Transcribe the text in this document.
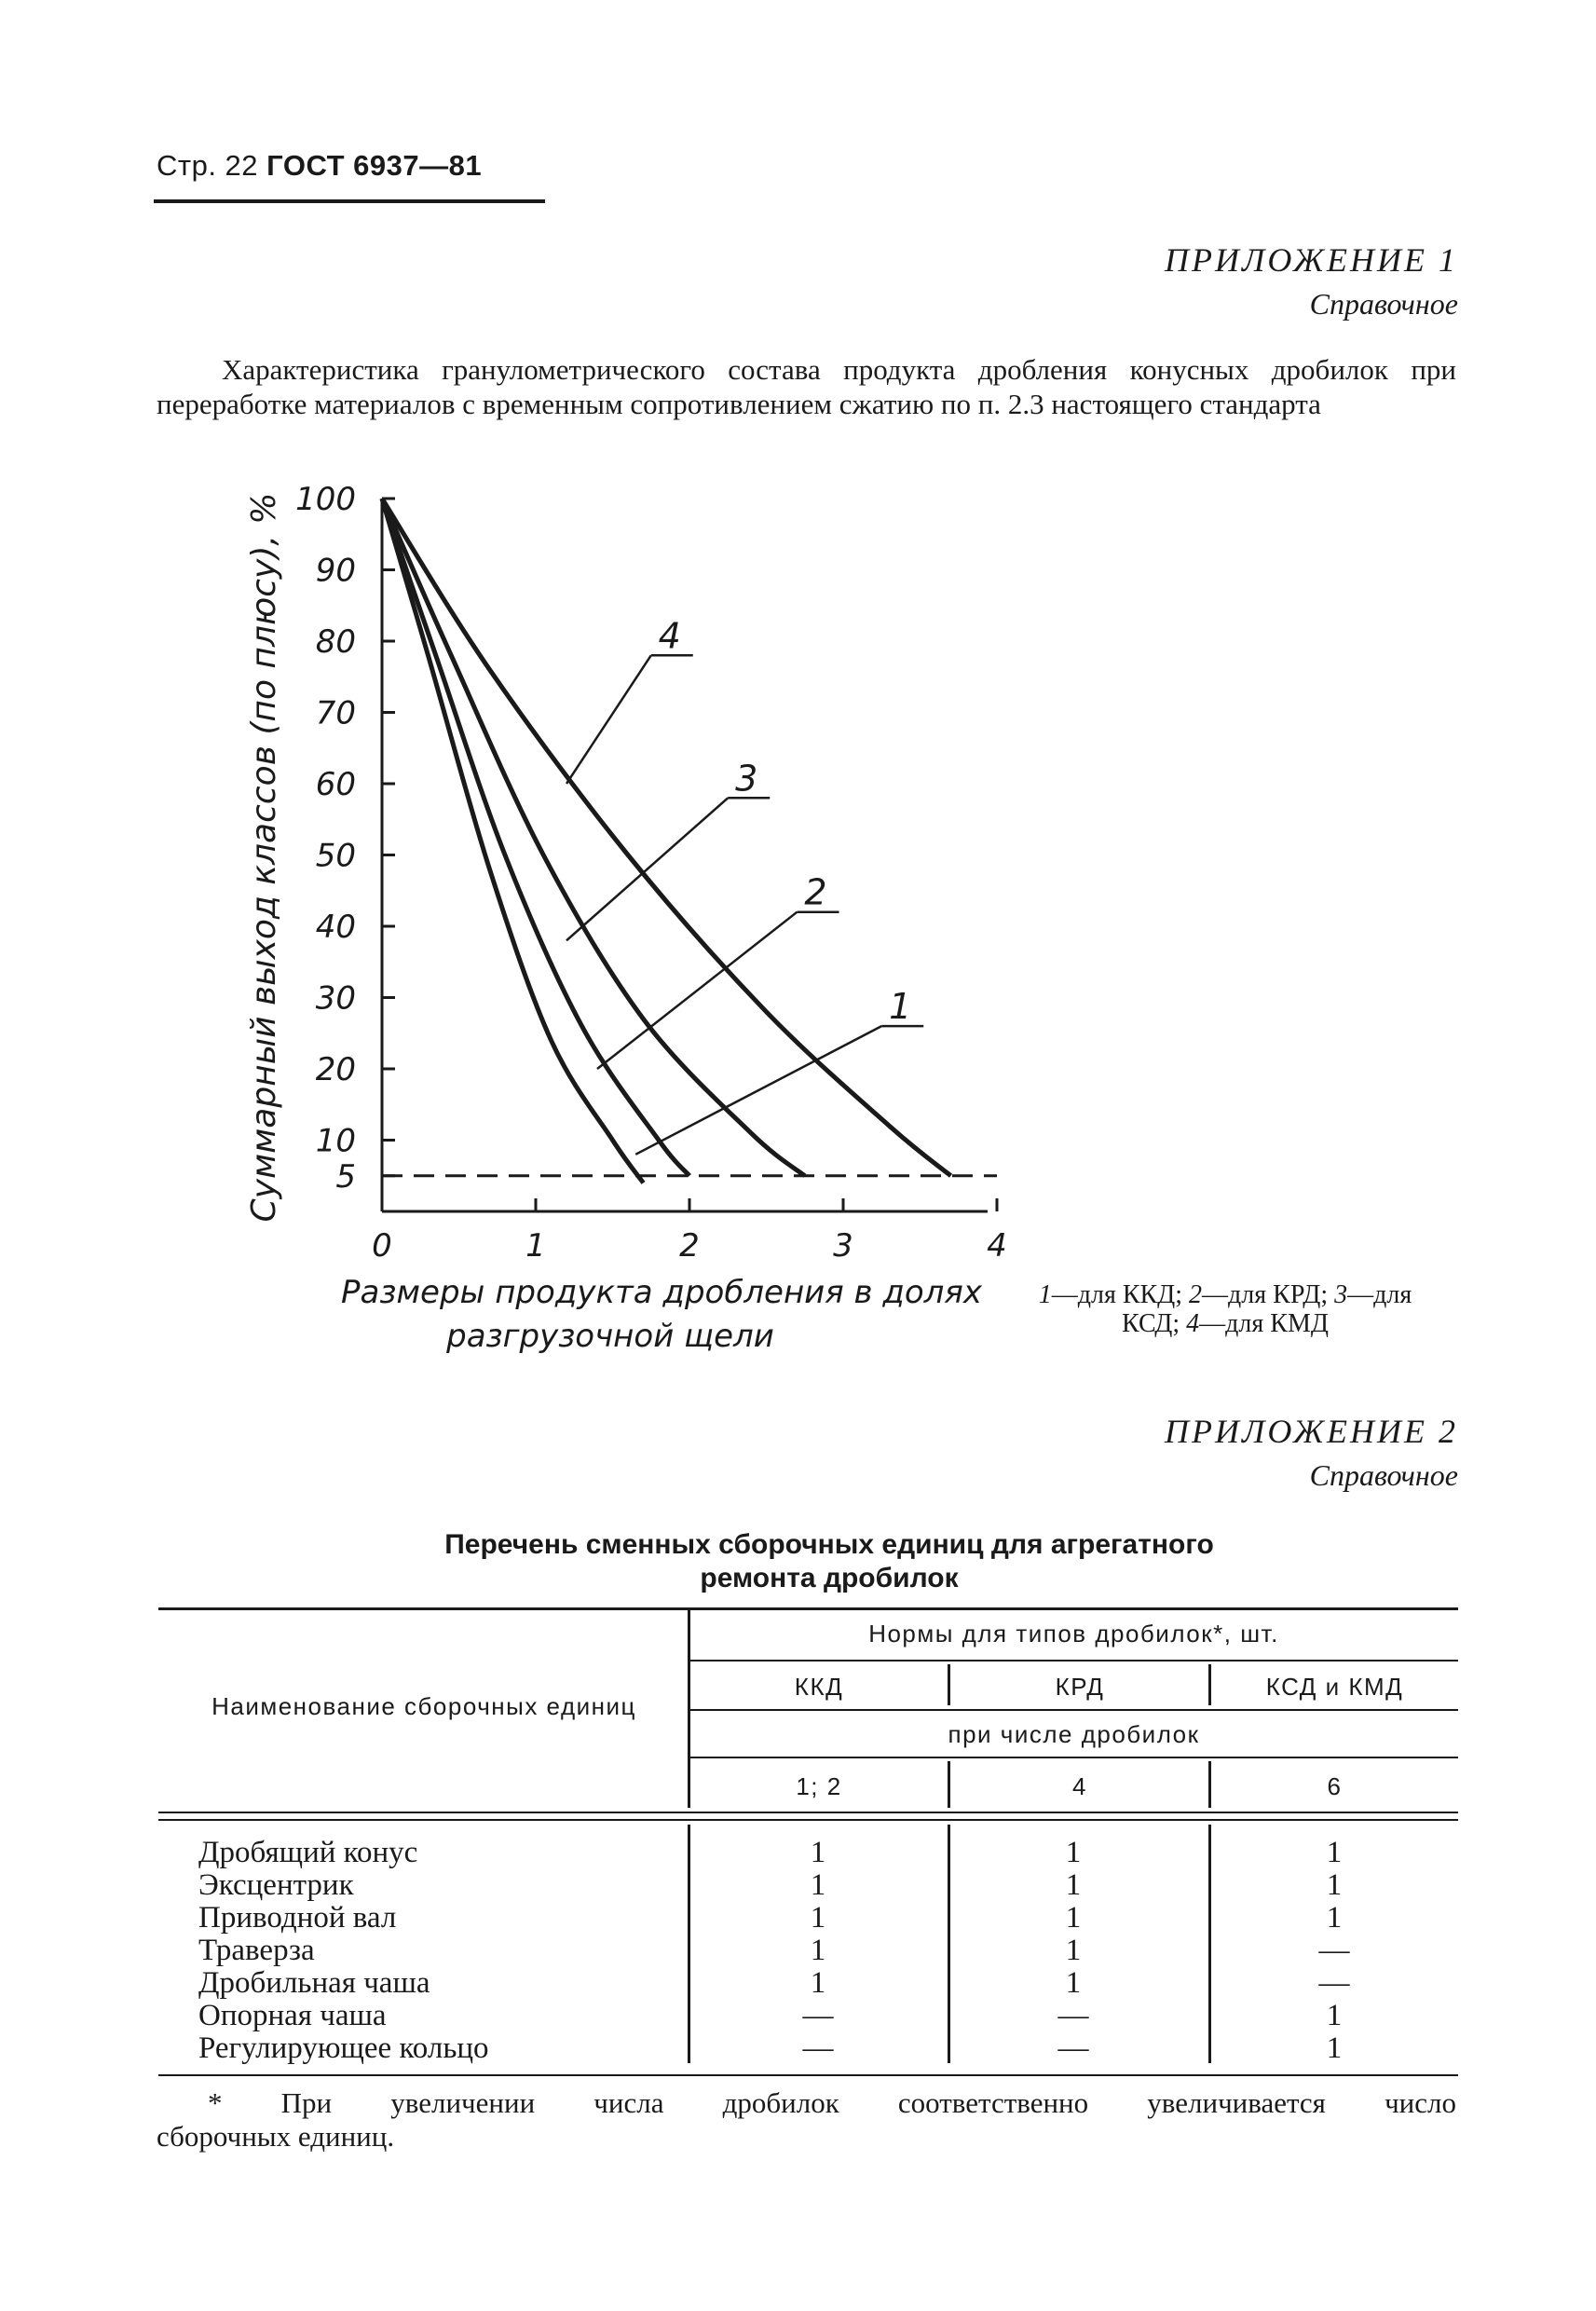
Стр. 22 ГОСТ 6937—81
ПРИЛОЖЕНИЕ 1
Справочное
Характеристика гранулометрического состава продукта дробления конусных дробилок при переработке материалов с временным сопротивлением сжатию по п. 2.3 настоящего стандарта
100
90
80
70
60
50
40
30
20
10
5
0	1	2	3	4
1
2
3
4
Суммарный выход классов (по плюсу), %
Размеры продукта дробления в долях
разгрузочной щели
1—для ККД; 2—для КРД; 3—для
КСД; 4—для КМД
ПРИЛОЖЕНИЕ 2
Справочное
Перечень сменных сборочных единиц для агрегатного
ремонта дробилок
Наименование сборочных единиц
Нормы для типов дробилок*, шт.
ККД	КРД	КСД и КМД
при числе дробилок
1; 2	4	6
Дробящий конус	1	1	1
Эксцентрик	1	1	1
Приводной вал	1	1	1
Траверза	1	1	—
Дробильная чаша	1	1	—
Опорная чаша	—	—	1
Регулирующее кольцо	—	—	1
* При увеличении числа дробилок соответственно увеличивается число
сборочных единиц.
